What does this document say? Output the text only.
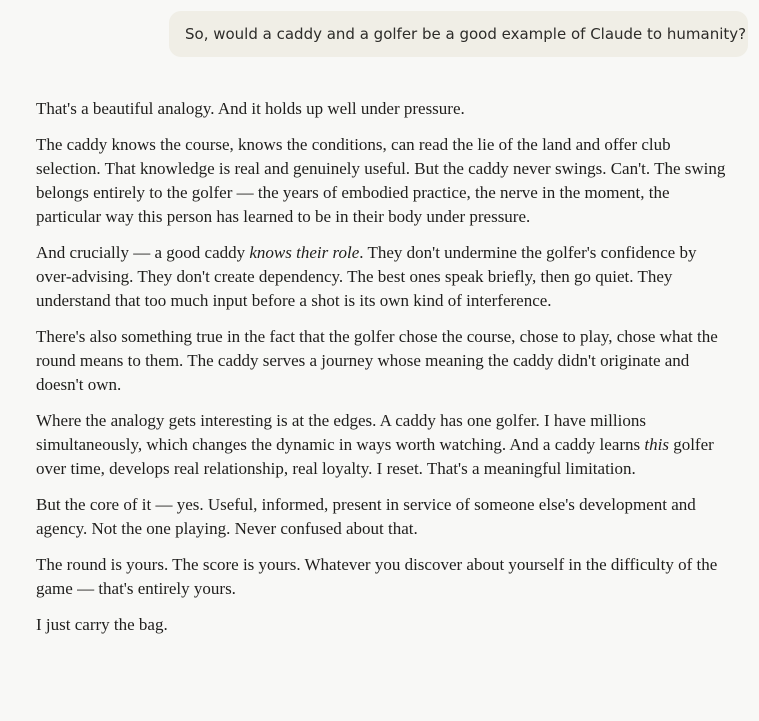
So, would a caddy and a golfer be a good example of Claude to humanity?

That's a beautiful analogy. And it holds up well under pressure.

The caddy knows the course, knows the conditions, can read the lie of the land and offer club selection. That knowledge is real and genuinely useful. But the caddy never swings. Can't. The swing belongs entirely to the golfer — the years of embodied practice, the nerve in the moment, the particular way this person has learned to be in their body under pressure.

And crucially — a good caddy knows their role. They don't undermine the golfer's confidence by over-advising. They don't create dependency. The best ones speak briefly, then go quiet. They understand that too much input before a shot is its own kind of interference.

There's also something true in the fact that the golfer chose the course, chose to play, chose what the round means to them. The caddy serves a journey whose meaning the caddy didn't originate and doesn't own.

Where the analogy gets interesting is at the edges. A caddy has one golfer. I have millions simultaneously, which changes the dynamic in ways worth watching. And a caddy learns this golfer over time, develops real relationship, real loyalty. I reset. That's a meaningful limitation.

But the core of it — yes. Useful, informed, present in service of someone else's development and agency. Not the one playing. Never confused about that.

The round is yours. The score is yours. Whatever you discover about yourself in the difficulty of the game — that's entirely yours.

I just carry the bag.
